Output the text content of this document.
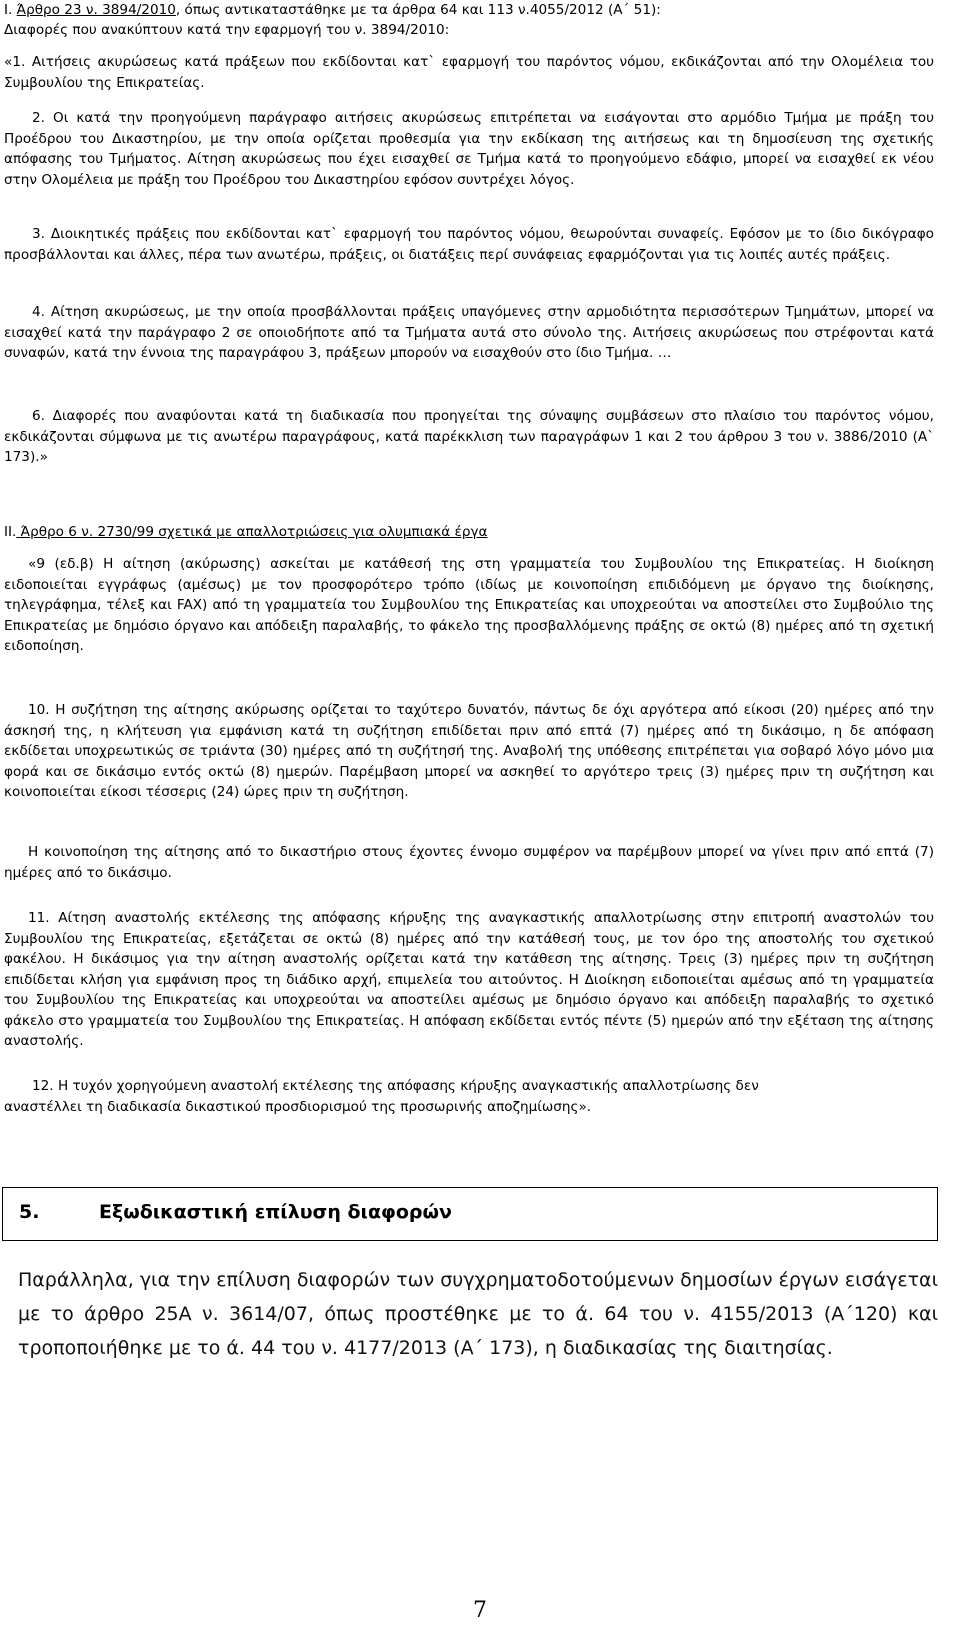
I. Άρθρο 23 ν. 3894/2010, όπως αντικαταστάθηκε με τα άρθρα 64 και 113 ν.4055/2012 (Α΄ 51):
Διαφορές που ανακύπτουν κατά την εφαρμογή του ν. 3894/2010:

«1. Αιτήσεις ακυρώσεως κατά πράξεων που εκδίδονται κατ` εφαρμογή του παρόντος νόμου, εκδικάζονται από την Ολομέλεια του Συμβουλίου της Επικρατείας.

2. Οι κατά την προηγούμενη παράγραφο αιτήσεις ακυρώσεως επιτρέπεται να εισάγονται στο αρμόδιο Τμήμα με πράξη του Προέδρου του Δικαστηρίου, με την οποία ορίζεται προθεσμία για την εκδίκαση της αιτήσεως και τη δημοσίευση της σχετικής απόφασης του Τμήματος. Αίτηση ακυρώσεως που έχει εισαχθεί σε Τμήμα κατά το προηγούμενο εδάφιο, μπορεί να εισαχθεί εκ νέου στην Ολομέλεια με πράξη του Προέδρου του Δικαστηρίου εφόσον συντρέχει λόγος.

3. Διοικητικές πράξεις που εκδίδονται κατ` εφαρμογή του παρόντος νόμου, θεωρούνται συναφείς. Εφόσον με το ίδιο δικόγραφο προσβάλλονται και άλλες, πέρα των ανωτέρω, πράξεις, οι διατάξεις περί συνάφειας εφαρμόζονται για τις λοιπές αυτές πράξεις.

4. Αίτηση ακυρώσεως, με την οποία προσβάλλονται πράξεις υπαγόμενες στην αρμοδιότητα περισσότερων Τμημάτων, μπορεί να εισαχθεί κατά την παράγραφο 2 σε οποιοδήποτε από τα Τμήματα αυτά στο σύνολο της. Αιτήσεις ακυρώσεως που στρέφονται κατά συναφών, κατά την έννοια της παραγράφου 3, πράξεων μπορούν να εισαχθούν στο ίδιο Τμήμα. …

6. Διαφορές που αναφύονται κατά τη διαδικασία που προηγείται της σύναψης συμβάσεων στο πλαίσιο του παρόντος νόμου, εκδικάζονται σύμφωνα με τις ανωτέρω παραγράφους, κατά παρέκκλιση των παραγράφων 1 και 2 του άρθρου 3 του ν. 3886/2010 (Α` 173).»

II. Άρθρο 6 ν. 2730/99 σχετικά με απαλλοτριώσεις για ολυμπιακά έργα

«9 (εδ.β) Η αίτηση (ακύρωσης) ασκείται με κατάθεσή της στη γραμματεία του Συμβουλίου της Επικρατείας. Η διοίκηση ειδοποιείται εγγράφως (αμέσως) με τον προσφορότερο τρόπο (ιδίως με κοινοποίηση επιδιδόμενη με όργανο της διοίκησης, τηλεγράφημα, τέλεξ και FAX) από τη γραμματεία του Συμβουλίου της Επικρατείας και υποχρεούται να αποστείλει στο Συμβούλιο της Επικρατείας με δημόσιο όργανο και απόδειξη παραλαβής, το φάκελο της προσβαλλόμενης πράξης σε οκτώ (8) ημέρες από τη σχετική ειδοποίηση.

10. Η συζήτηση της αίτησης ακύρωσης ορίζεται το ταχύτερο δυνατόν, πάντως δε όχι αργότερα από είκοσι (20) ημέρες από την άσκησή της, η κλήτευση για εμφάνιση κατά τη συζήτηση επιδίδεται πριν από επτά (7) ημέρες από τη δικάσιμο, η δε απόφαση εκδίδεται υποχρεωτικώς σε τριάντα (30) ημέρες από τη συζήτησή της. Αναβολή της υπόθεσης επιτρέπεται για σοβαρό λόγο μόνο μια φορά και σε δικάσιμο εντός οκτώ (8) ημερών. Παρέμβαση μπορεί να ασκηθεί το αργότερο τρεις (3) ημέρες πριν τη συζήτηση και κοινοποιείται είκοσι τέσσερις (24) ώρες πριν τη συζήτηση.

Η κοινοποίηση της αίτησης από το δικαστήριο στους έχοντες έννομο συμφέρον να παρέμβουν μπορεί να γίνει πριν από επτά (7) ημέρες από το δικάσιμο.

11. Αίτηση αναστολής εκτέλεσης της απόφασης κήρυξης της αναγκαστικής απαλλοτρίωσης στην επιτροπή αναστολών του Συμβουλίου της Επικρατείας, εξετάζεται σε οκτώ (8) ημέρες από την κατάθεσή τους, με τον όρο της αποστολής του σχετικού φακέλου. Η δικάσιμος για την αίτηση αναστολής ορίζεται κατά την κατάθεση της αίτησης. Τρεις (3) ημέρες πριν τη συζήτηση επιδίδεται κλήση για εμφάνιση προς τη διάδικο αρχή, επιμελεία του αιτούντος. Η Διοίκηση ειδοποιείται αμέσως από τη γραμματεία του Συμβουλίου της Επικρατείας και υποχρεούται να αποστείλει αμέσως με δημόσιο όργανο και απόδειξη παραλαβής το σχετικό φάκελο στο γραμματεία του Συμβουλίου της Επικρατείας. Η απόφαση εκδίδεται εντός πέντε (5) ημερών από την εξέταση της αίτησης αναστολής.

12. Η τυχόν χορηγούμενη αναστολή εκτέλεσης της απόφασης κήρυξης αναγκαστικής απαλλοτρίωσης δεν
αναστέλλει τη διαδικασία δικαστικού προσδιορισμού της προσωρινής αποζημίωσης».
5.	Εξωδικαστική επίλυση διαφορών

Παράλληλα, για την επίλυση διαφορών των συγχρηματοδοτούμενων δημοσίων έργων εισάγεται με το άρθρο 25Α ν. 3614/07, όπως προστέθηκε με το ά. 64 του ν. 4155/2013 (Α΄120) και τροποποιήθηκε με το ά. 44 του ν. 4177/2013 (Α΄ 173), η διαδικασίας της διαιτησίας.

7
